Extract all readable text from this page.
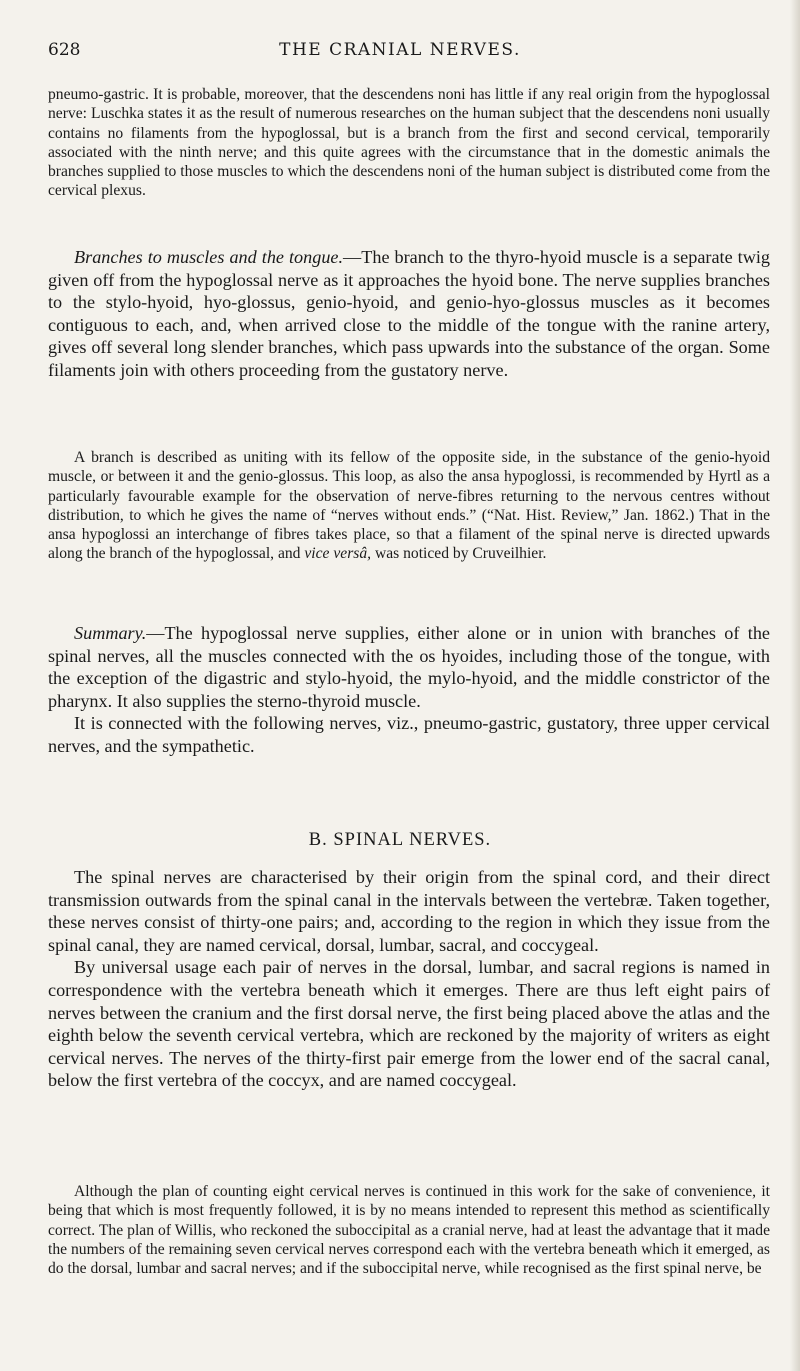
628	THE CRANIAL NERVES.

pneumo-gastric. It is probable, moreover, that the descendens noni has little if any real origin from the hypoglossal nerve: Luschka states it as the result of numerous researches on the human subject that the descendens noni usually contains no filaments from the hypoglossal, but is a branch from the first and second cervical, temporarily associated with the ninth nerve; and this quite agrees with the circumstance that in the domestic animals the branches supplied to those muscles to which the descendens noni of the human subject is distributed come from the cervical plexus.

Branches to muscles and the tongue.—The branch to the thyro-hyoid muscle is a separate twig given off from the hypoglossal nerve as it approaches the hyoid bone. The nerve supplies branches to the stylo-hyoid, hyo-glossus, genio-hyoid, and genio-hyo-glossus muscles as it becomes contiguous to each, and, when arrived close to the middle of the tongue with the ranine artery, gives off several long slender branches, which pass upwards into the substance of the organ. Some filaments join with others proceeding from the gustatory nerve.

A branch is described as uniting with its fellow of the opposite side, in the substance of the genio-hyoid muscle, or between it and the genio-glossus. This loop, as also the ansa hypoglossi, is recommended by Hyrtl as a particularly favourable example for the observation of nerve-fibres returning to the nervous centres without distribution, to which he gives the name of “nerves without ends.” (“Nat. Hist. Review,” Jan. 1862.) That in the ansa hypoglossi an interchange of fibres takes place, so that a filament of the spinal nerve is directed upwards along the branch of the hypoglossal, and vice versâ, was noticed by Cruveilhier.

Summary.—The hypoglossal nerve supplies, either alone or in union with branches of the spinal nerves, all the muscles connected with the os hyoides, including those of the tongue, with the exception of the digastric and stylo-hyoid, the mylo-hyoid, and the middle constrictor of the pharynx. It also supplies the sterno-thyroid muscle.

It is connected with the following nerves, viz., pneumo-gastric, gustatory, three upper cervical nerves, and the sympathetic.

B. SPINAL NERVES.

The spinal nerves are characterised by their origin from the spinal cord, and their direct transmission outwards from the spinal canal in the intervals between the vertebræ. Taken together, these nerves consist of thirty-one pairs; and, according to the region in which they issue from the spinal canal, they are named cervical, dorsal, lumbar, sacral, and coccygeal.

By universal usage each pair of nerves in the dorsal, lumbar, and sacral regions is named in correspondence with the vertebra beneath which it emerges. There are thus left eight pairs of nerves between the cranium and the first dorsal nerve, the first being placed above the atlas and the eighth below the seventh cervical vertebra, which are reckoned by the majority of writers as eight cervical nerves. The nerves of the thirty-first pair emerge from the lower end of the sacral canal, below the first vertebra of the coccyx, and are named coccygeal.

Although the plan of counting eight cervical nerves is continued in this work for the sake of convenience, it being that which is most frequently followed, it is by no means intended to represent this method as scientifically correct. The plan of Willis, who reckoned the suboccipital as a cranial nerve, had at least the advantage that it made the numbers of the remaining seven cervical nerves correspond each with the vertebra beneath which it emerged, as do the dorsal, lumbar and sacral nerves; and if the suboccipital nerve, while recognised as the first spinal nerve, be
